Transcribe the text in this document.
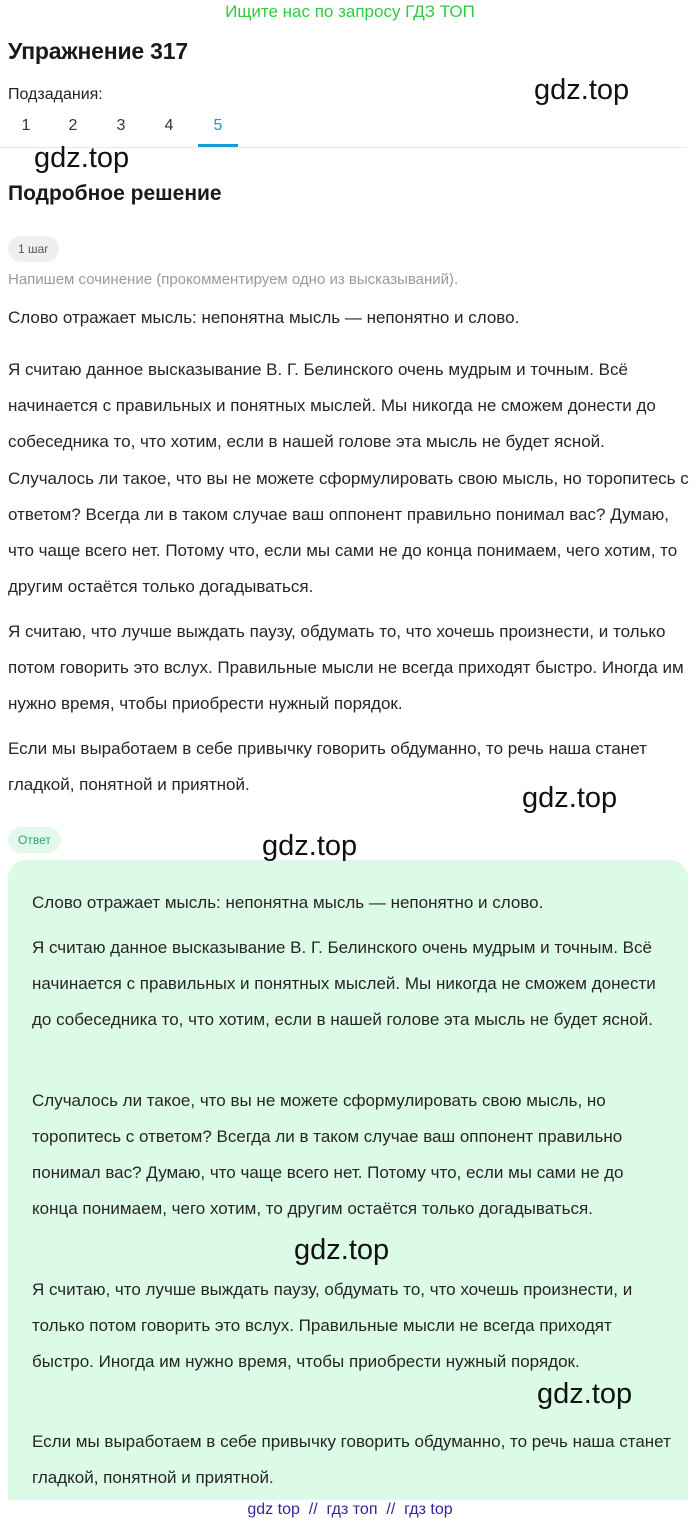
Ищите нас по запросу ГДЗ ТОП
Упражнение 317
Подзадания:
1	2	3	4	5
gdz.top
gdz.top
Подробное решение
1 шаг
Напишем сочинение (прокомментируем одно из высказываний).

Слово отражает мысль: непонятна мысль — непонятно и слово.

Я считаю данное высказывание В. Г. Белинского очень мудрым и точным. Всё начинается с правильных и понятных мыслей. Мы никогда не сможем донести до собеседника то, что хотим, если в нашей голове эта мысль не будет ясной.

Случалось ли такое, что вы не можете сформулировать свою мысль, но торопитесь с ответом? Всегда ли в таком случае ваш оппонент правильно понимал вас? Думаю, что чаще всего нет. Потому что, если мы сами не до конца понимаем, чего хотим, то другим остаётся только догадываться.

Я считаю, что лучше выждать паузу, обдумать то, что хочешь произнести, и только потом говорить это вслух. Правильные мысли не всегда приходят быстро. Иногда им нужно время, чтобы приобрести нужный порядок.

Если мы выработаем в себе привычку говорить обдуманно, то речь наша станет гладкой, понятной и приятной.	gdz.top
Ответ	gdz.top

Слово отражает мысль: непонятна мысль — непонятно и слово.

Я считаю данное высказывание В. Г. Белинского очень мудрым и точным. Всё начинается с правильных и понятных мыслей. Мы никогда не сможем донести до собеседника то, что хотим, если в нашей голове эта мысль не будет ясной.

Случалось ли такое, что вы не можете сформулировать свою мысль, но торопитесь с ответом? Всегда ли в таком случае ваш оппонент правильно понимал вас? Думаю, что чаще всего нет. Потому что, если мы сами не до конца понимаем, чего хотим, то другим остаётся только догадываться.

Я считаю, что лучше выждать паузу, обдумать то, что хочешь произнести, и только потом говорить это вслух. Правильные мысли не всегда приходят быстро. Иногда им нужно время, чтобы приобрести нужный порядок.

Если мы выработаем в себе привычку говорить обдуманно, то речь наша станет гладкой, понятной и приятной.

gdz.top
gdz.top
gdz top  //  гдз топ  //  гдз top
